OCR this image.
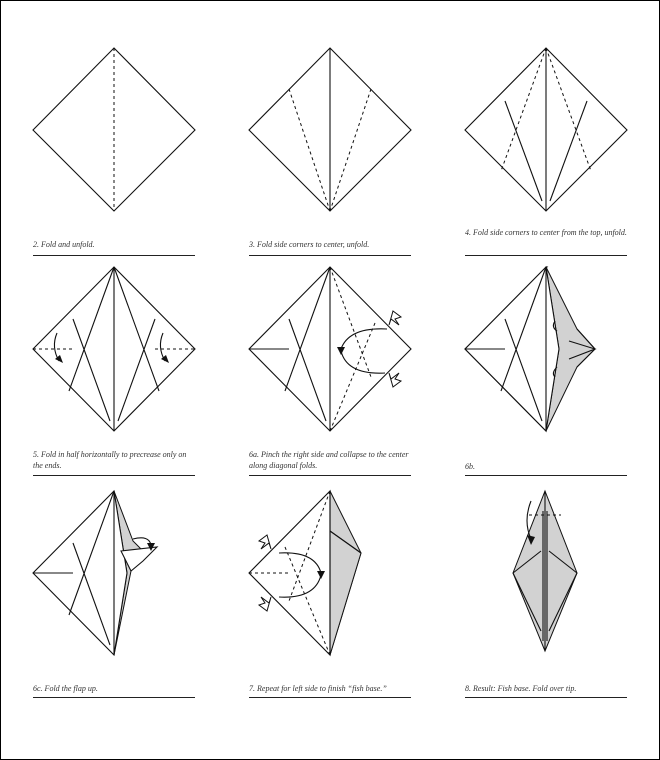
2. Fold and unfold.	3. Fold side corners to center, unfold.
4. Fold side corners to center from the top, unfold.
5. Fold in half horizontally to precrease only on the ends.
6a. Pinch the right side and collapse to the center along diagonal folds.	6b.
6c. Fold the flap up.	7. Repeat for left side to finish “fish base.”	8. Result: Fish base. Fold over tip.
